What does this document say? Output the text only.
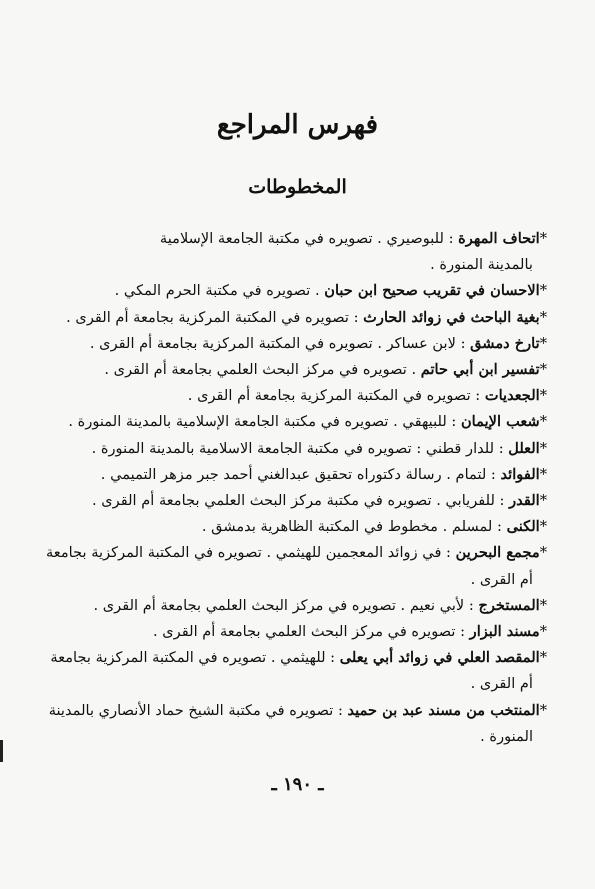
فهرس المراجع
المخطوطات
*اتحاف المهرة : للبوصيري . تصويره في مكتبة الجامعة الإسلامية
بالمدينة المنورة .
*الاحسان في تقريب صحيح ابن حبان . تصويره في مكتبة الحرم المكي .
*بغية الباحث في زوائد الحارث : تصويره في المكتبة المركزية بجامعة أم القرى .
*تارخ دمشق : لابن عساكر . تصويره في المكتبة المركزية بجامعة أم القرى .
*تفسير ابن أبي حاتم . تصويره في مركز البحث العلمي بجامعة أم القرى .
*الجعديات : تصويره في المكتبة المركزية بجامعة أم القرى .
*شعب الإيمان : للبيهقي . تصويره في مكتبة الجامعة الإسلامية بالمدينة المنورة .
*العلل : للدار قطني : تصويره في مكتبة الجامعة الاسلامية بالمدينة المنورة .
*الفوائد : لتمام . رسالة دكتوراه تحقيق عبدالغني أحمد جبر مزهر التميمي .
*القدر : للفريابي . تصويره في مكتبة مركز البحث العلمي بجامعة أم القرى .
*الكنى : لمسلم . مخطوط في المكتبة الظاهرية بدمشق .
*مجمع البحرين : في زوائد المعجمين للهيثمي . تصويره في المكتبة المركزية بجامعة
أم القرى .
*المستخرج : لأبي نعيم . تصويره في مركز البحث العلمي بجامعة أم القرى .
*مسند البزار : تصويره في مركز البحث العلمي بجامعة أم القرى .
*المقصد العلي في زوائد أبي يعلى : للهيثمي . تصويره في المكتبة المركزية بجامعة
أم القرى .
*المنتخب من مسند عبد بن حميد : تصويره في مكتبة الشيخ حماد الأنصاري بالمدينة
المنورة .
ـ ١٩٠ ـ
